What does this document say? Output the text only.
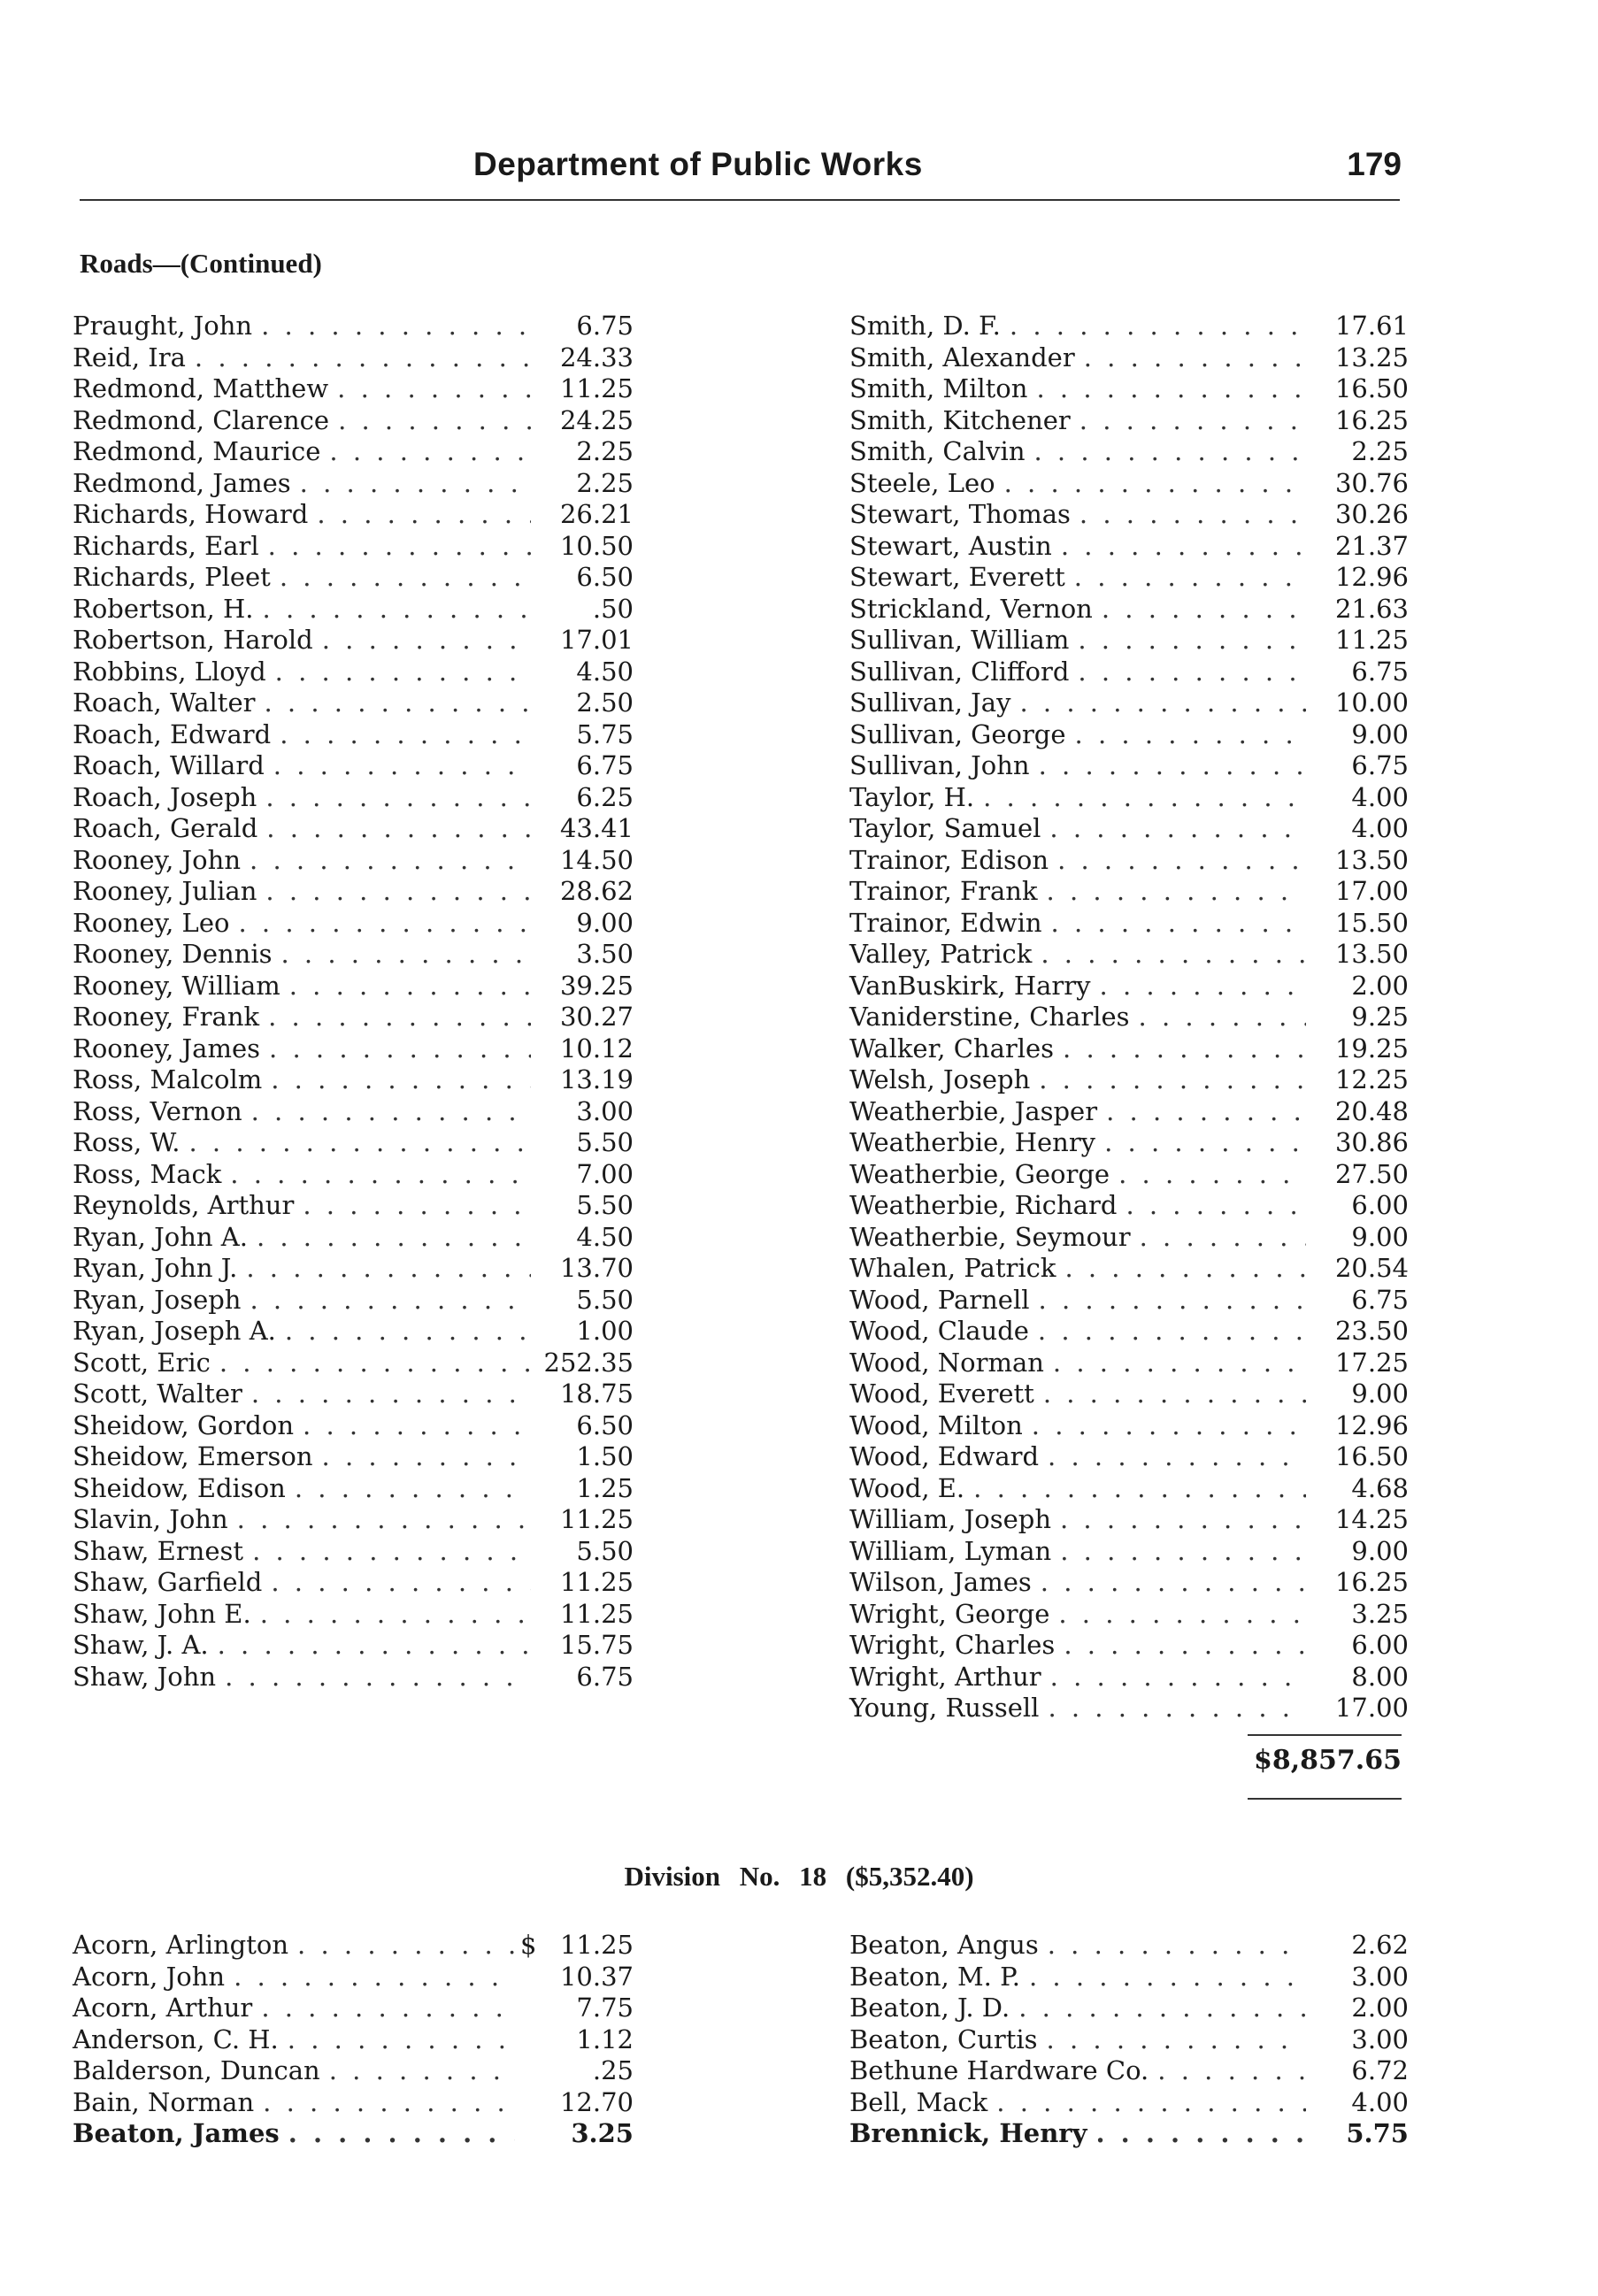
Department of Public Works	179
Roads—(Continued)
Praught, John . . .	6.75
Reid, Ira . . .	24.33
Redmond, Matthew . . .	11.25
Redmond, Clarence . . .	24.25
Redmond, Maurice . . .	2.25
Redmond, James . . .	2.25
Richards, Howard . . .	26.21
Richards, Earl . . .	10.50
Richards, Pleet . . .	6.50
Robertson, H. . . .	.50
Robertson, Harold . . .	17.01
Robbins, Lloyd . . .	4.50
Roach, Walter . . .	2.50
Roach, Edward . . .	5.75
Roach, Willard . . .	6.75
Roach, Joseph . . .	6.25
Roach, Gerald . . .	43.41
Rooney, John . . .	14.50
Rooney, Julian . . .	28.62
Rooney, Leo . . .	9.00
Rooney, Dennis . . .	3.50
Rooney, William . . .	39.25
Rooney, Frank . . .	30.27
Rooney, James . . .	10.12
Ross, Malcolm . . .	13.19
Ross, Vernon . . .	3.00
Ross, W. . . .	5.50
Ross, Mack . . .	7.00
Reynolds, Arthur . . .	5.50
Ryan, John A. . . .	4.50
Ryan, John J. . . .	13.70
Ryan, Joseph . . .	5.50
Ryan, Joseph A. . . .	1.00
Scott, Eric . . .	252.35
Scott, Walter . . .	18.75
Sheidow, Gordon . . .	6.50
Sheidow, Emerson . . .	1.50
Sheidow, Edison . . .	1.25
Slavin, John . . .	11.25
Shaw, Ernest . . .	5.50
Shaw, Garfield . . .	11.25
Shaw, John E. . . .	11.25
Shaw, J. A. . . .	15.75
Shaw, John . . .	6.75
Smith, D. F. . . .	17.61
Smith, Alexander . . .	13.25
Smith, Milton . . .	16.50
Smith, Kitchener . . .	16.25
Smith, Calvin . . .	2.25
Steele, Leo . . .	30.76
Stewart, Thomas . . .	30.26
Stewart, Austin . . .	21.37
Stewart, Everett . . .	12.96
Strickland, Vernon . . .	21.63
Sullivan, William . . .	11.25
Sullivan, Clifford . . .	6.75
Sullivan, Jay . . .	10.00
Sullivan, George . . .	9.00
Sullivan, John . . .	6.75
Taylor, H. . . .	4.00
Taylor, Samuel . . .	4.00
Trainor, Edison . . .	13.50
Trainor, Frank . . .	17.00
Trainor, Edwin . . .	15.50
Valley, Patrick . . .	13.50
VanBuskirk, Harry . . .	2.00
Vaniderstine, Charles . . .	9.25
Walker, Charles . . .	19.25
Welsh, Joseph . . .	12.25
Weatherbie, Jasper . . .	20.48
Weatherbie, Henry . . .	30.86
Weatherbie, George . . .	27.50
Weatherbie, Richard . . .	6.00
Weatherbie, Seymour . . .	9.00
Whalen, Patrick . . .	20.54
Wood, Parnell . . .	6.75
Wood, Claude . . .	23.50
Wood, Norman . . .	17.25
Wood, Everett . . .	9.00
Wood, Milton . . .	12.96
Wood, Edward . . .	16.50
Wood, E. . . .	4.68
William, Joseph . . .	14.25
William, Lyman . . .	9.00
Wilson, James . . .	16.25
Wright, George . . .	3.25
Wright, Charles . . .	6.00
Wright, Arthur . . .	8.00
Young, Russell . . .	17.00
$8,857.65
Division No. 18 ($5,352.40)
Acorn, Arlington . . .	$ 11.25
Acorn, John . . .	10.37
Acorn, Arthur . . .	7.75
Anderson, C. H. . . .	1.12
Balderson, Duncan . . .	.25
Bain, Norman . . .	12.70
Beaton, James . . .	3.25
Beaton, Angus . . .	2.62
Beaton, M. P. . . .	3.00
Beaton, J. D. . . .	2.00
Beaton, Curtis . . .	3.00
Bethune Hardware Co. . . .	6.72
Bell, Mack . . .	4.00
Brennick, Henry . . .	5.75
